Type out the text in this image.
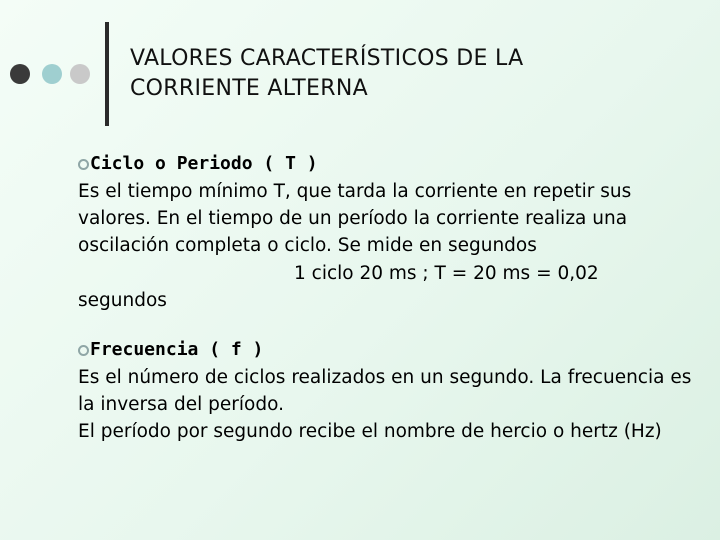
VALORES CARACTERÍSTICOS DE LA
CORRIENTE ALTERNA
Ciclo o Periodo ( T )

Es el tiempo mínimo T, que tarda la corriente en repetir sus valores. En el tiempo de un período la corriente realiza una oscilación completa o ciclo. Se mide en segundos

1 ciclo 20 ms ; T = 20 ms = 0,02

segundos

Frecuencia ( f )

Es el número de ciclos realizados en un segundo. La frecuencia es la inversa del período.

El período por segundo recibe el nombre de hercio o hertz (Hz)
